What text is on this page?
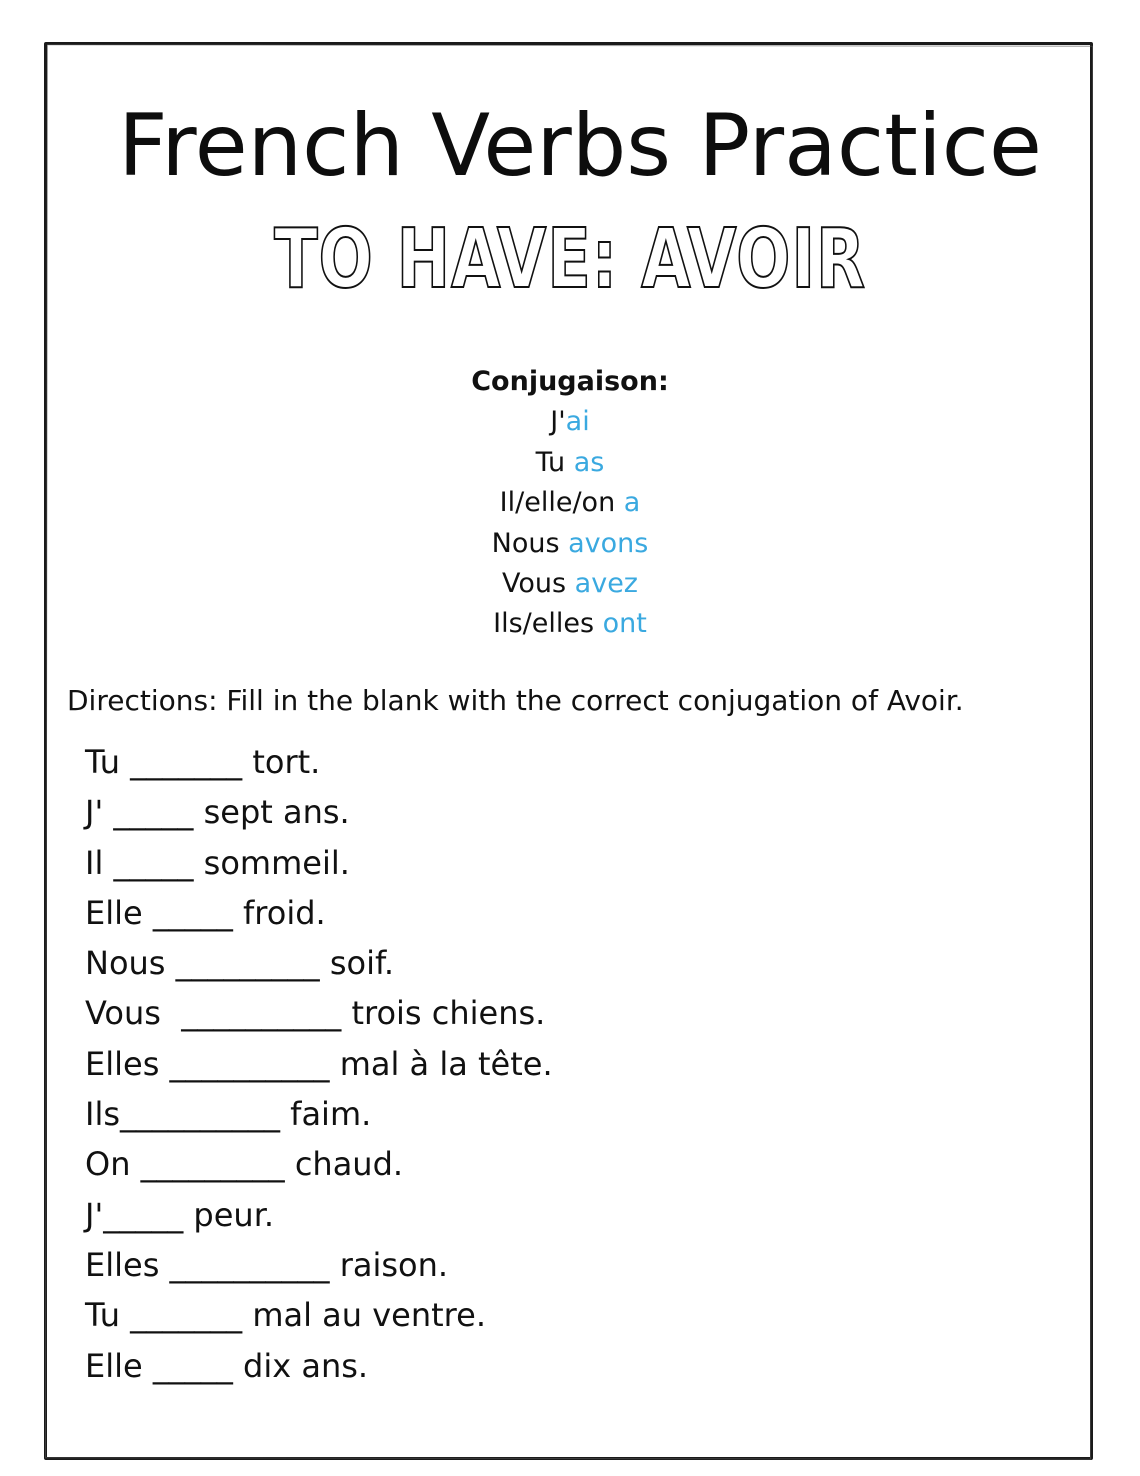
French Verbs Practice
TO HAVE: AVOIR
Conjugaison:
J'ai
Tu as
Il/elle/on a
Nous avons
Vous avez
Ils/elles ont
Directions: Fill in the blank with the correct conjugation of Avoir.
Tu _______ tort.
J' _____ sept ans.
Il _____ sommeil.
Elle _____ froid.
Nous _________ soif.
Vous  __________ trois chiens.
Elles __________ mal à la tête.
Ils__________ faim.
On _________ chaud.
J'_____ peur.
Elles __________ raison.
Tu _______ mal au ventre.
Elle _____ dix ans.
